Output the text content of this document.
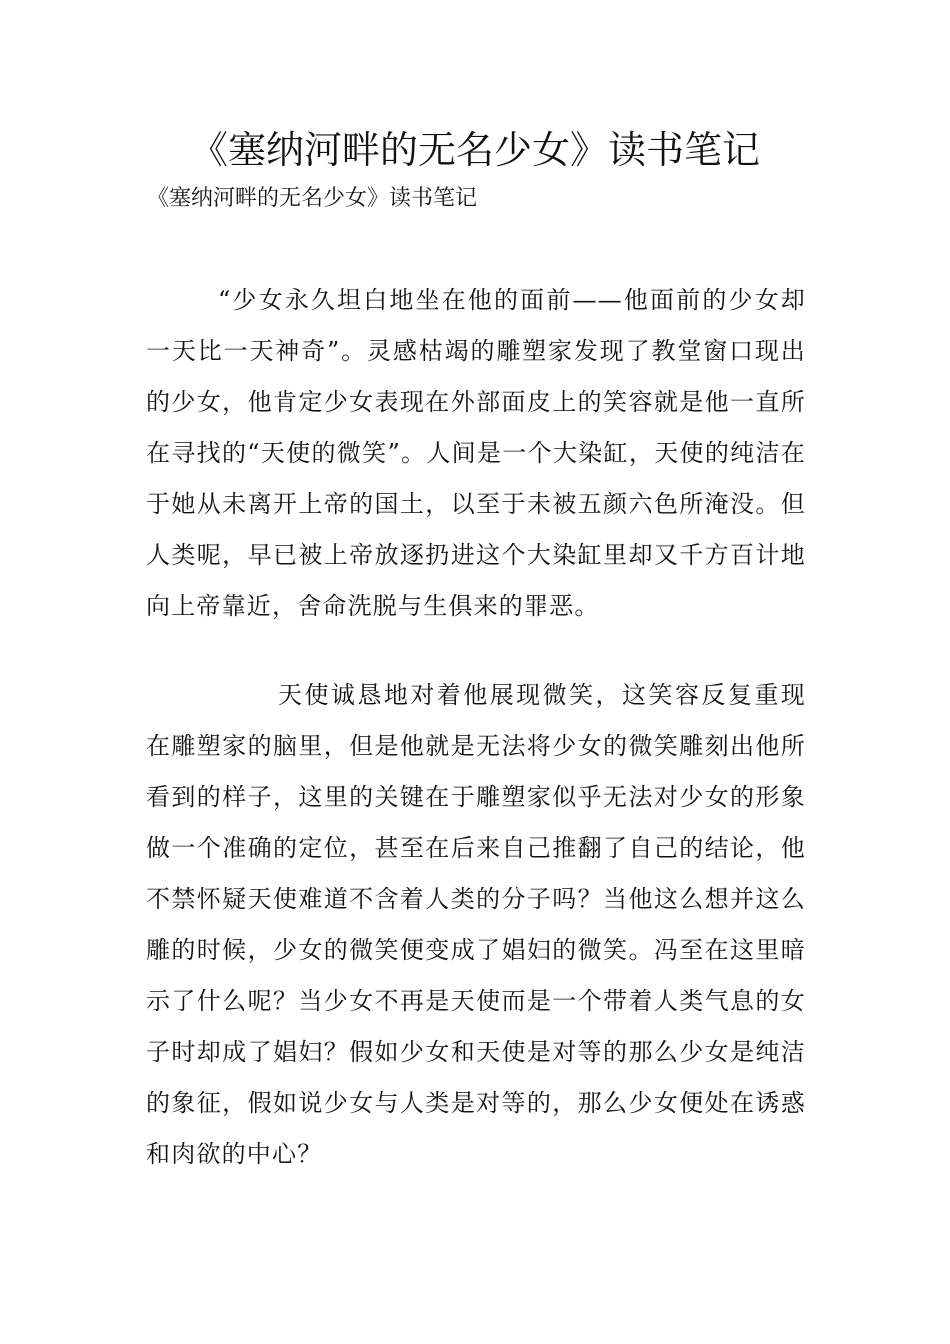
《塞纳河畔的无名少女》读书笔记
《塞纳河畔的无名少女》读书笔记

“少女永久坦白地坐在他的面前——他面前的少女却一天比一天神奇”。灵感枯竭的雕塑家发现了教堂窗口现出的少女，他肯定少女表现在外部面皮上的笑容就是他一直所在寻找的“天使的微笑”。人间是一个大染缸，天使的纯洁在于她从未离开上帝的国土，以至于未被五颜六色所淹没。但人类呢，早已被上帝放逐扔进这个大染缸里却又千方百计地向上帝靠近，舍命洗脱与生俱来的罪恶。

天使诚恳地对着他展现微笑，这笑容反复重现在雕塑家的脑里，但是他就是无法将少女的微笑雕刻出他所看到的样子，这里的关键在于雕塑家似乎无法对少女的形象做一个准确的定位，甚至在后来自己推翻了自己的结论，他不禁怀疑天使难道不含着人类的分子吗？当他这么想并这么雕的时候，少女的微笑便变成了娼妇的微笑。冯至在这里暗示了什么呢？当少女不再是天使而是一个带着人类气息的女子时却成了娼妇？假如少女和天使是对等的那么少女是纯洁的象征，假如说少女与人类是对等的，那么少女便处在诱惑和肉欲的中心？
